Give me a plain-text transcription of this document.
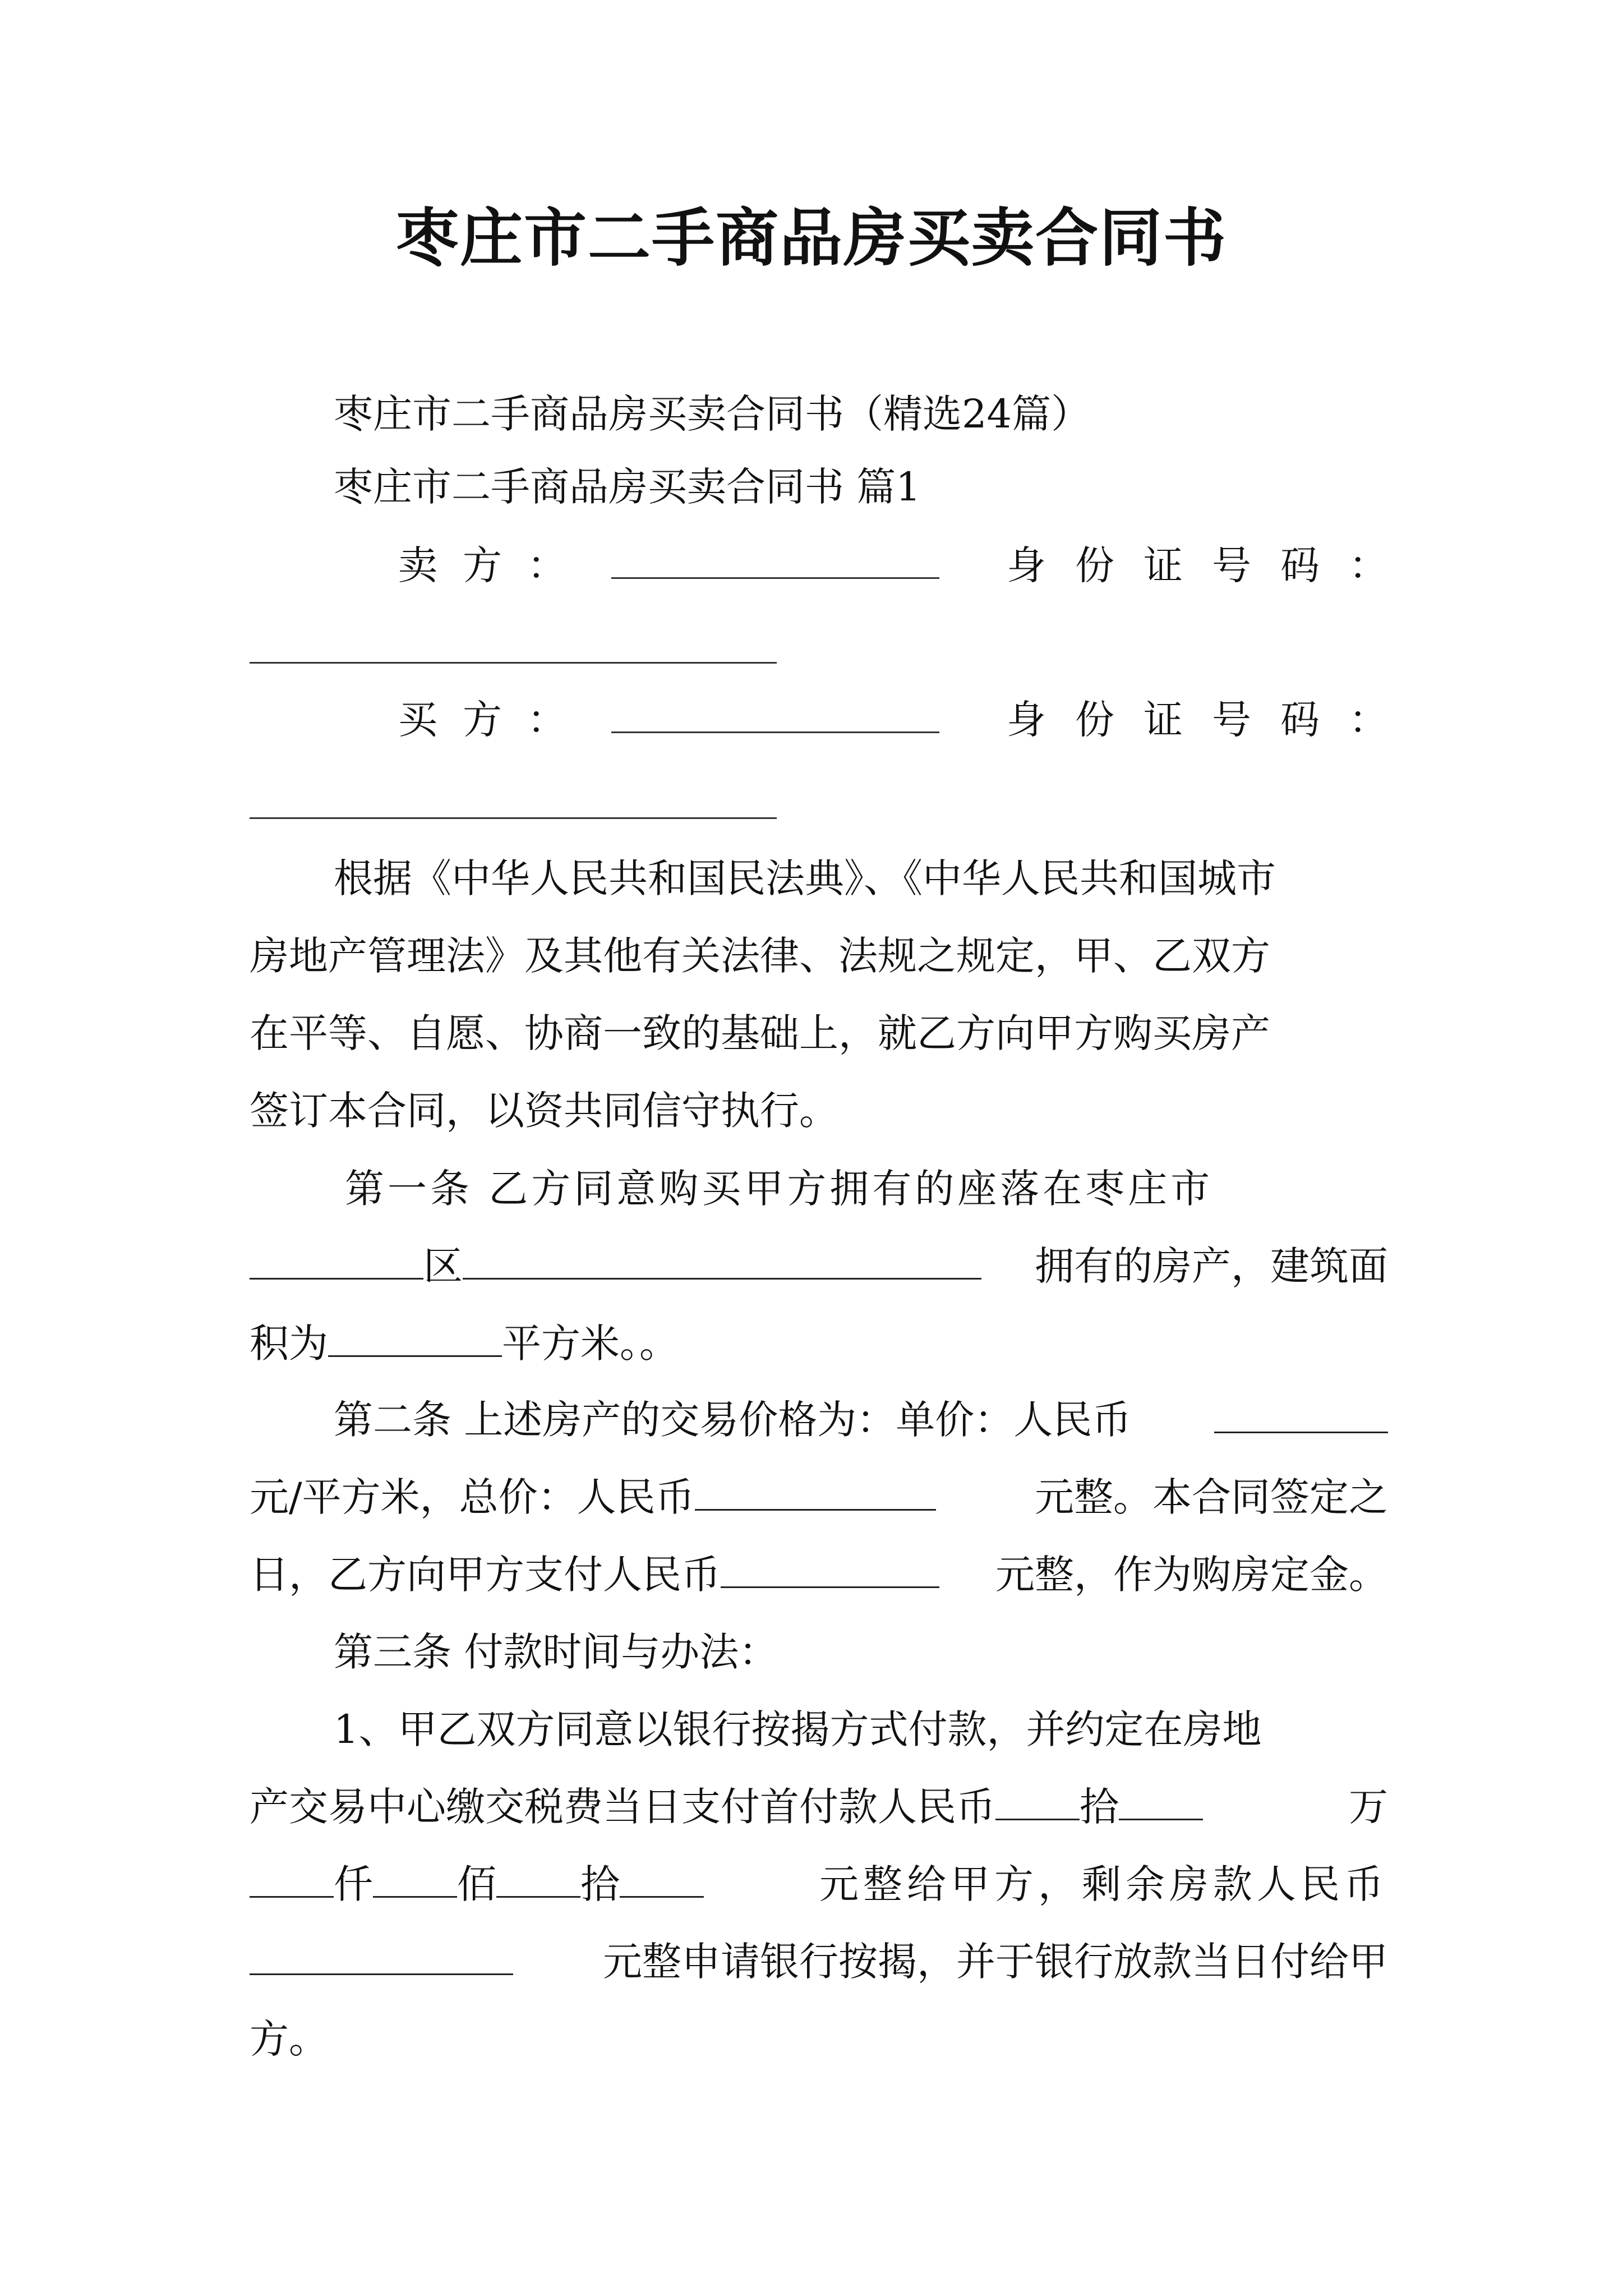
枣庄市二手商品房买卖合同书
枣庄市二手商品房买卖合同书（精选24篇）
枣庄市二手商品房买卖合同书 篇1
卖 方 ：	身 份 证 号 码 ：
买 方 ：	身 份 证 号 码 ：
根据《中华人民共和国民法典》、《中华人民共和国城市
房地产管理法》及其他有关法律、法规之规定，甲、乙双方
在平等、自愿、协商一致的基础上，就乙方向甲方购买房产
签订本合同，以资共同信守执行。
第一条 乙方同意购买甲方拥有的座落在枣庄市
区	拥有的房产，建筑面
积为	平方米。。
第二条 上述房产的交易价格为：单价：人民币
元/平方米，总价：人民币	元整。本合同签定之
日，乙方向甲方支付人民币	元整，作为购房定金。
第三条 付款时间与办法：
1、甲乙双方同意以银行按揭方式付款，并约定在房地
产交易中心缴交税费当日支付首付款人民币 拾	万
仟 佰 拾	元整给甲方，剩余房款人民币
元整申请银行按揭，并于银行放款当日付给甲
方。
